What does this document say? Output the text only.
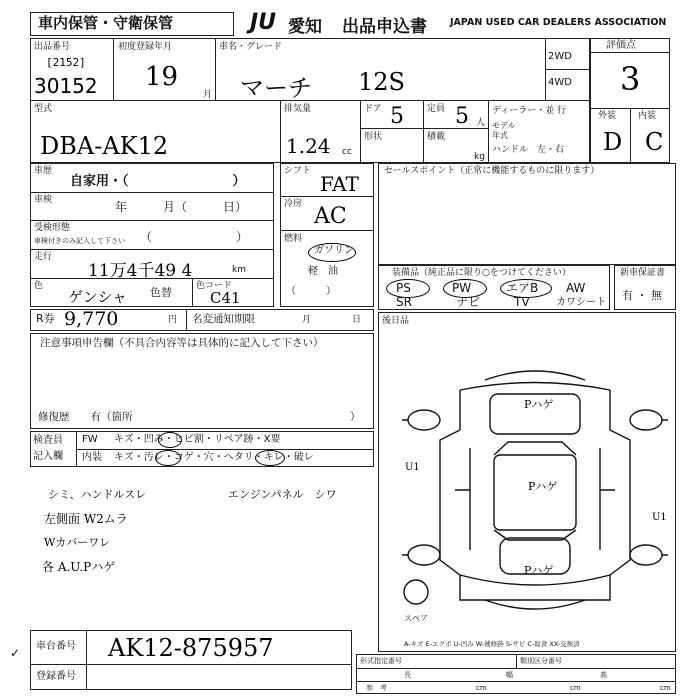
車内保管・守衛保管	JU 愛知 出品申込書 JAPAN USED CAR DEALERS ASSOCIATION
出品番号
[2152]
30152
初度登録年月
19
月
車名・グレード
マーチ 12S
2WD
4WD
評価点
3
型式
DBA-AK12
排気量
1.24 cc
ドア 5
形状
定員 5 人
積載
kg
ディーラー・並 行
モデル
年式
ハンドル　左・右
外装 内装
D C
車歴
自家用・（　　　　　　　　）
車検	年　　　月（　　　日）
受検形態
車検付きのみ記入して下さい （　　　　　　　）
走行
11万4千49 4	km
色
ゲンシャ 色替	色コード
C41
R券 9,770	円 名変通知期限	月	日
シフト
FAT
冷房 AC
燃料
ガソリン
軽　油
（　　　）
セールスポイント（正常に機能するものに限ります）
装備品（純正品に限り○をつけてください）
PS	PW	エアB AW
SR	ナビ	TV	カワシート
新車保証書
有 ・ 無
後日品
注意事項申告欄（不具合内容等は具体的に記入して下さい）
修復歴　　有（箇所	）
検査員
記入欄
FW キズ・凹み・ヒビ割・リペア跡・X要
内装 キズ・汚レ・コゲ・穴・へタリ・キレ・破レ
シミ、ハンドルスレ	エンジンパネル　シワ
左側面 W2ムラ
Wカバーワレ
各 A.U.Pハゲ
Pハゲ
Pハゲ
Pハゲ
U1
U1
スペア
A-キズ E-エクボ U-凹み W-補修跡 S-サビ C-腐食 XX-交換済
車台番号 AK12-875957
登録番号
形式指定番号	類別区分番号
長
cm
幅
cm
高
cm
参　考
✓
